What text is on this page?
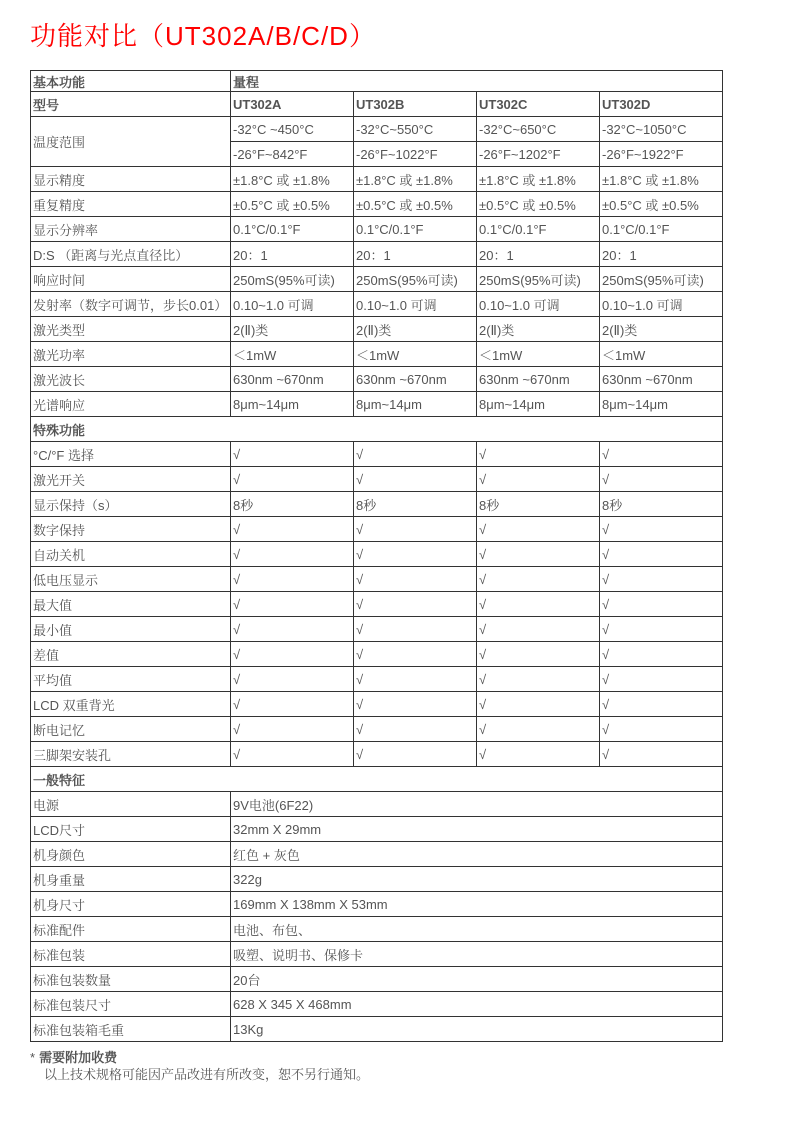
功能对比（UT302A/B/C/D）
基本功能	量程			
型号	UT302A	UT302B	UT302C	UT302D
温度范围	-32°C ~450°C	-32°C~550°C	-32°C~650°C	-32°C~1050°C
	-26°F~842°F	-26°F~1022°F	-26°F~1202°F	-26°F~1922°F
显示精度	±1.8°C 或 ±1.8%	±1.8°C 或 ±1.8%	±1.8°C 或 ±1.8%	±1.8°C 或 ±1.8%
重复精度	±0.5°C 或 ±0.5%	±0.5°C 或 ±0.5%	±0.5°C 或 ±0.5%	±0.5°C 或 ±0.5%
显示分辨率	0.1°C/0.1°F	0.1°C/0.1°F	0.1°C/0.1°F	0.1°C/0.1°F
D:S （距离与光点直径比）	20：1	20：1	20：1	20：1
响应时间	250mS(95%可读)	250mS(95%可读)	250mS(95%可读)	250mS(95%可读)
发射率（数字可调节，步长0.01）	0.10~1.0 可调	0.10~1.0 可调	0.10~1.0 可调	0.10~1.0 可调
激光类型	2(Ⅱ)类	2(Ⅱ)类	2(Ⅱ)类	2(Ⅱ)类
激光功率	＜1mW	＜1mW	＜1mW	＜1mW
激光波长	630nm ~670nm	630nm ~670nm	630nm ~670nm	630nm ~670nm
光谱响应	8μm~14μm	8μm~14μm	8μm~14μm	8μm~14μm
特殊功能				
°C/°F 选择	√	√	√	√
激光开关	√	√	√	√
显示保持（s）	8秒	8秒	8秒	8秒
数字保持	√	√	√	√
自动关机	√	√	√	√
低电压显示	√	√	√	√
最大值	√	√	√	√
最小值	√	√	√	√
差值	√	√	√	√
平均值	√	√	√	√
LCD 双重背光	√	√	√	√
断电记忆	√	√	√	√
三脚架安装孔	√	√	√	√
一般特征				
电源	9V电池(6F22)			
LCD尺寸	32mm X 29mm			
机身颜色	红色 + 灰色			
机身重量	322g			
机身尺寸	169mm X 138mm X 53mm			
标准配件	电池、布包、			
标准包装	吸塑、说明书、保修卡			
标准包装数量	20台			
标准包装尺寸	628 X 345 X 468mm			
标准包装箱毛重	13Kg			
* 需要附加收费
以上技术规格可能因产品改进有所改变，恕不另行通知。
